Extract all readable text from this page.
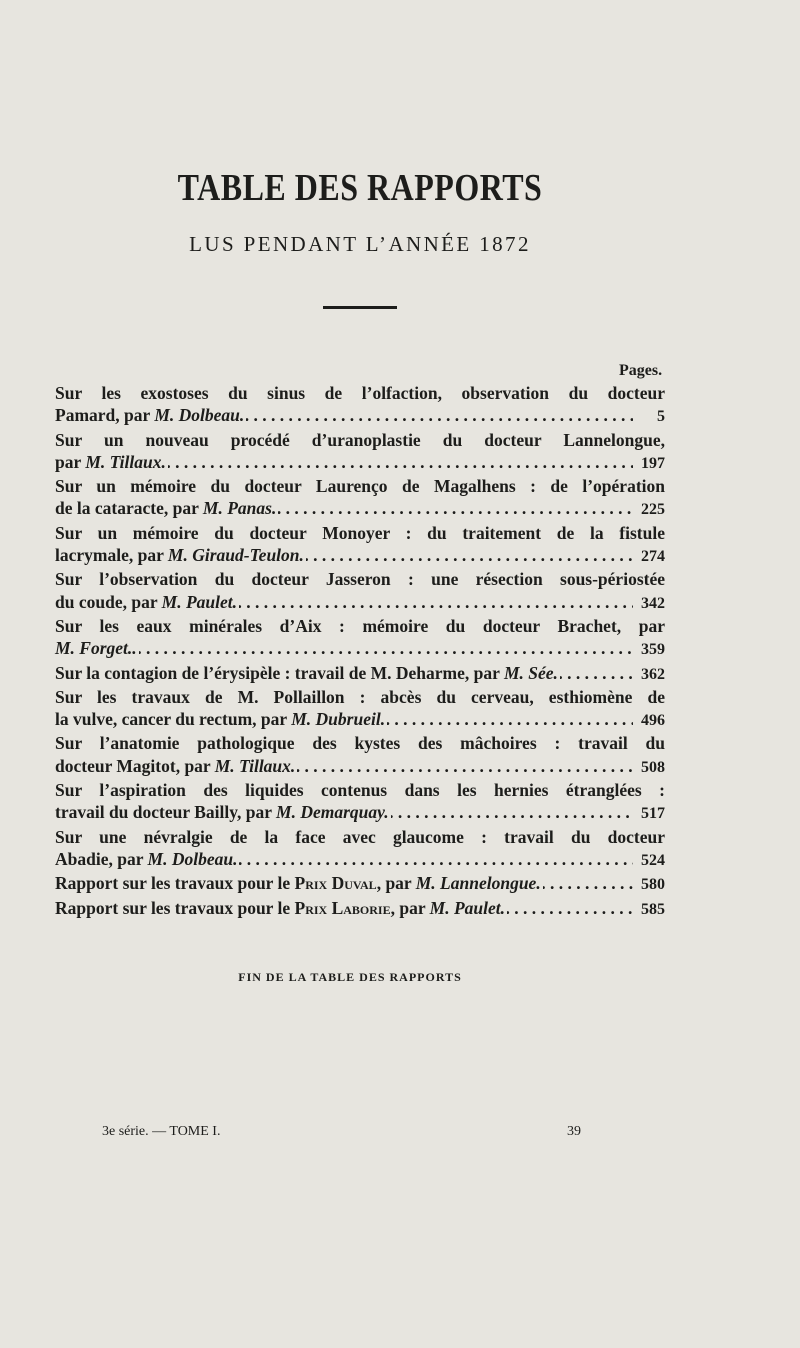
TABLE DES RAPPORTS
LUS PENDANT L’ANNÉE 1872
Pages.
Sur les exostoses du sinus de l’olfaction, observation du docteur
Pamard, par M. Dolbeau. . . .	5
Sur un nouveau procédé d’uranoplastie du docteur Lannelongue,
par M. Tillaux. . . .	197
Sur un mémoire du docteur Laurenço de Magalhens : de l’opération
de la cataracte, par M. Panas. . . .	225
Sur un mémoire du docteur Monoyer : du traitement de la fistule
lacrymale, par M. Giraud-Teulon. . . .	274
Sur l’observation du docteur Jasseron : une résection sous-périostée
du coude, par M. Paulet. . . .	342
Sur les eaux minérales d’Aix : mémoire du docteur Brachet, par
M. Forget.. . . .	359
Sur la contagion de l’érysipèle : travail de M. Deharme, par M. Sée. . . .	362
Sur les travaux de M. Pollaillon : abcès du cerveau, esthiomène de
la vulve, cancer du rectum, par M. Dubrueil. . . .	496
Sur l’anatomie pathologique des kystes des mâchoires : travail du
docteur Magitot, par M. Tillaux. . . .	508
Sur l’aspiration des liquides contenus dans les hernies étranglées :
travail du docteur Bailly, par M. Demarquay. . . .	517
Sur une névralgie de la face avec glaucome : travail du docteur
Abadie, par M. Dolbeau. . . .	524
Rapport sur les travaux pour le Prix Duval, par M. Lannelongue. . . .	580
Rapport sur les travaux pour le Prix Laborie, par M. Paulet. . . .	585
FIN DE LA TABLE DES RAPPORTS
3e série. — TOME I.	39
